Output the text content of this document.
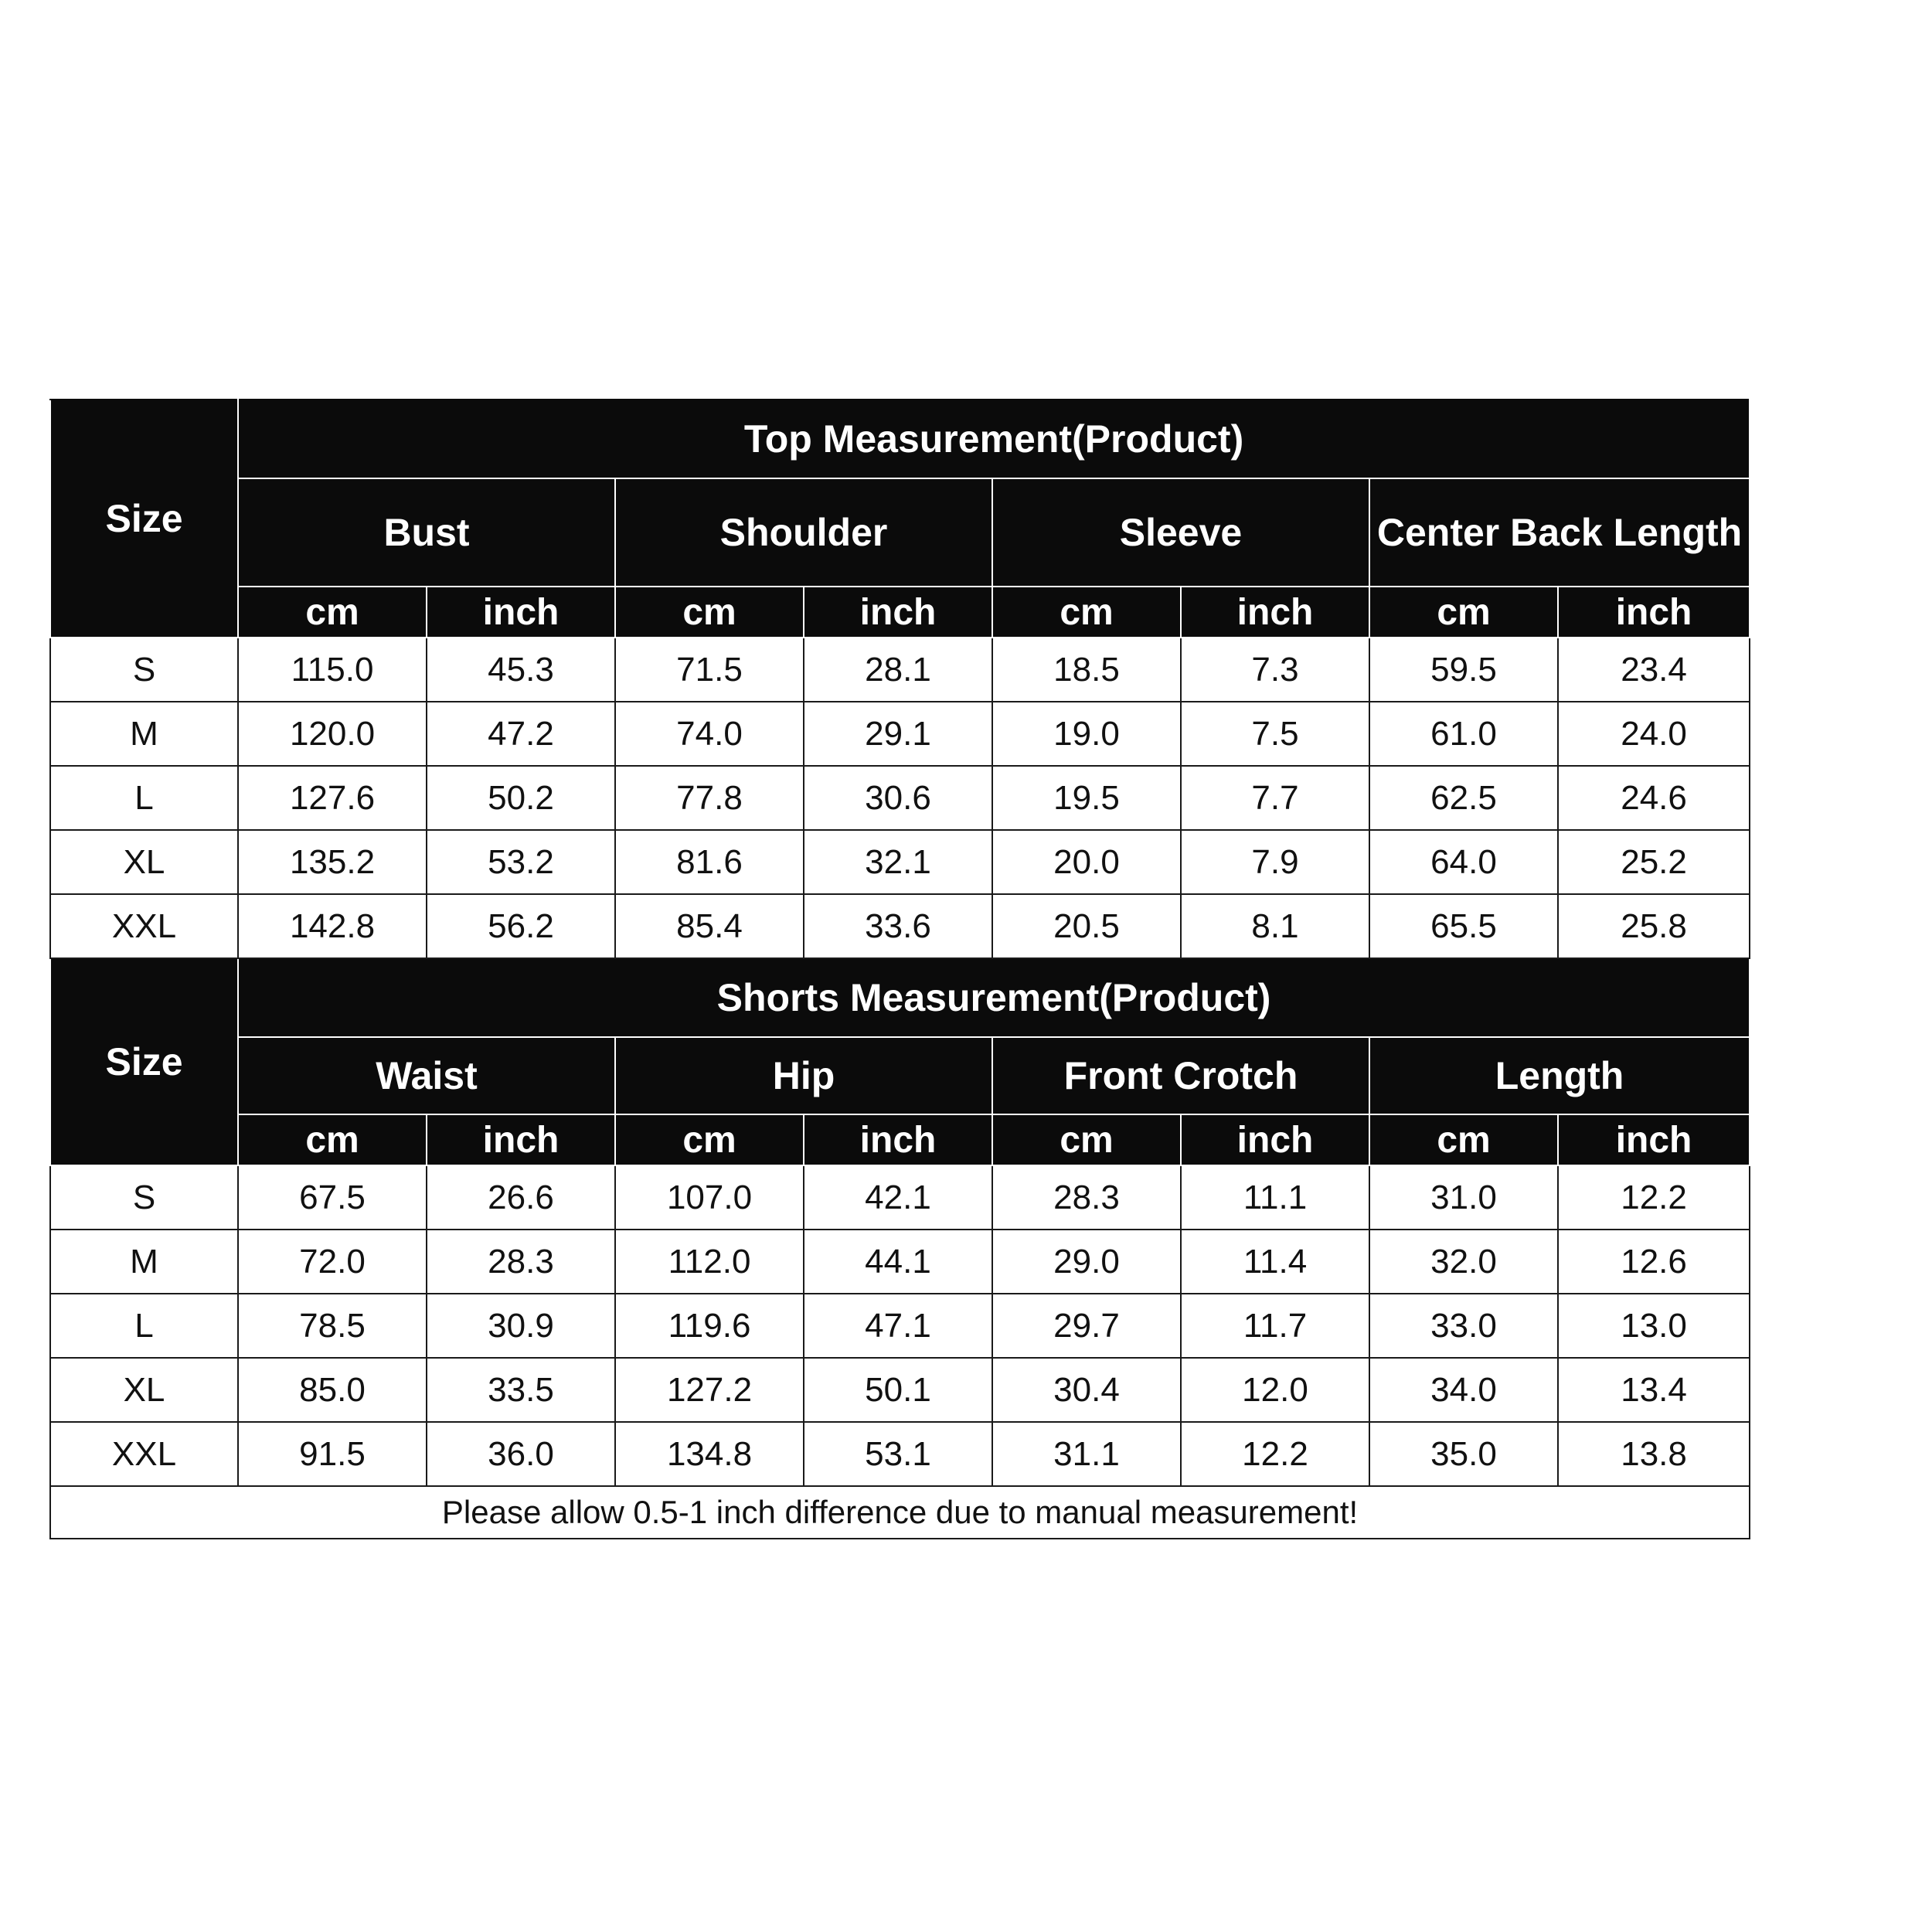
Size	Top Measurement(Product)							
	Bust		Shoulder		Sleeve		Center Back Length	
	cm	inch	cm	inch	cm	inch	cm	inch
S	115.0	45.3	71.5	28.1	18.5	7.3	59.5	23.4
M	120.0	47.2	74.0	29.1	19.0	7.5	61.0	24.0
L	127.6	50.2	77.8	30.6	19.5	7.7	62.5	24.6
XL	135.2	53.2	81.6	32.1	20.0	7.9	64.0	25.2
XXL	142.8	56.2	85.4	33.6	20.5	8.1	65.5	25.8
Size	Shorts Measurement(Product)							
	Waist		Hip		Front Crotch		Length	
	cm	inch	cm	inch	cm	inch	cm	inch
S	67.5	26.6	107.0	42.1	28.3	11.1	31.0	12.2
M	72.0	28.3	112.0	44.1	29.0	11.4	32.0	12.6
L	78.5	30.9	119.6	47.1	29.7	11.7	33.0	13.0
XL	85.0	33.5	127.2	50.1	30.4	12.0	34.0	13.4
XXL	91.5	36.0	134.8	53.1	31.1	12.2	35.0	13.8
Please allow 0.5-1 inch difference due to manual measurement!								
